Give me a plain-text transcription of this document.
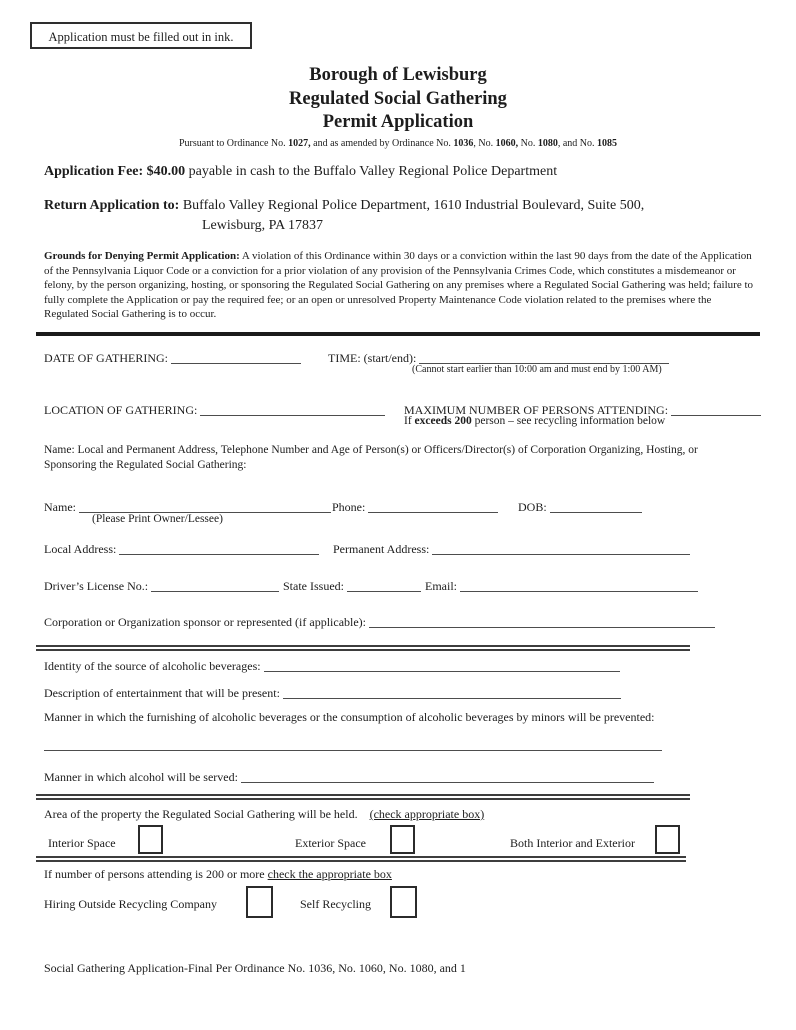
Application must be filled out in ink.
Borough of Lewisburg
Regulated Social Gathering
Permit Application
Pursuant to Ordinance No. 1027, and as amended by Ordinance No. 1036, No. 1060, No. 1080, and No. 1085
Application Fee: $40.00 payable in cash to the Buffalo Valley Regional Police Department
Return Application to: Buffalo Valley Regional Police Department, 1610 Industrial Boulevard, Suite 500,
Lewisburg, PA 17837
Grounds for Denying Permit Application: A violation of this Ordinance within 30 days or a conviction within the last 90 days from the date of the Application of the Pennsylvania Liquor Code or a conviction for a prior violation of any provision of the Pennsylvania Crimes Code, which constitutes a misdemeanor or felony, by the person organizing, hosting, or sponsoring the Regulated Social Gathering on any premises where a Regulated Social Gathering was held; failure to fully complete the Application or pay the required fee; or an open or unresolved Property Maintenance Code violation related to the premises where the Regulated Social Gathering is to occur.
DATE OF GATHERING:	TIME: (start/end):
(Cannot start earlier than 10:00 am and must end by 1:00 AM)
LOCATION OF GATHERING:	MAXIMUM NUMBER OF PERSONS ATTENDING:
If exceeds 200 person – see recycling information below
Name: Local and Permanent Address, Telephone Number and Age of Person(s) or Officers/Director(s) of Corporation Organizing, Hosting, or Sponsoring the Regulated Social Gathering:
Name:	Phone:	DOB:
(Please Print Owner/Lessee)
Local Address:	Permanent Address:
Driver’s License No.:	State Issued:	Email:
Corporation or Organization sponsor or represented (if applicable):
Identity of the source of alcoholic beverages:
Description of entertainment that will be present:
Manner in which the furnishing of alcoholic beverages or the consumption of alcoholic beverages by minors will be prevented:
Manner in which alcohol will be served:
Area of the property the Regulated Social Gathering will be held. (check appropriate box)
Interior Space	Exterior Space	Both Interior and Exterior
If number of persons attending is 200 or more check the appropriate box
Hiring Outside Recycling Company	Self Recycling
Social Gathering Application-Final Per Ordinance No. 1036, No. 1060, No. 1080, and 1
